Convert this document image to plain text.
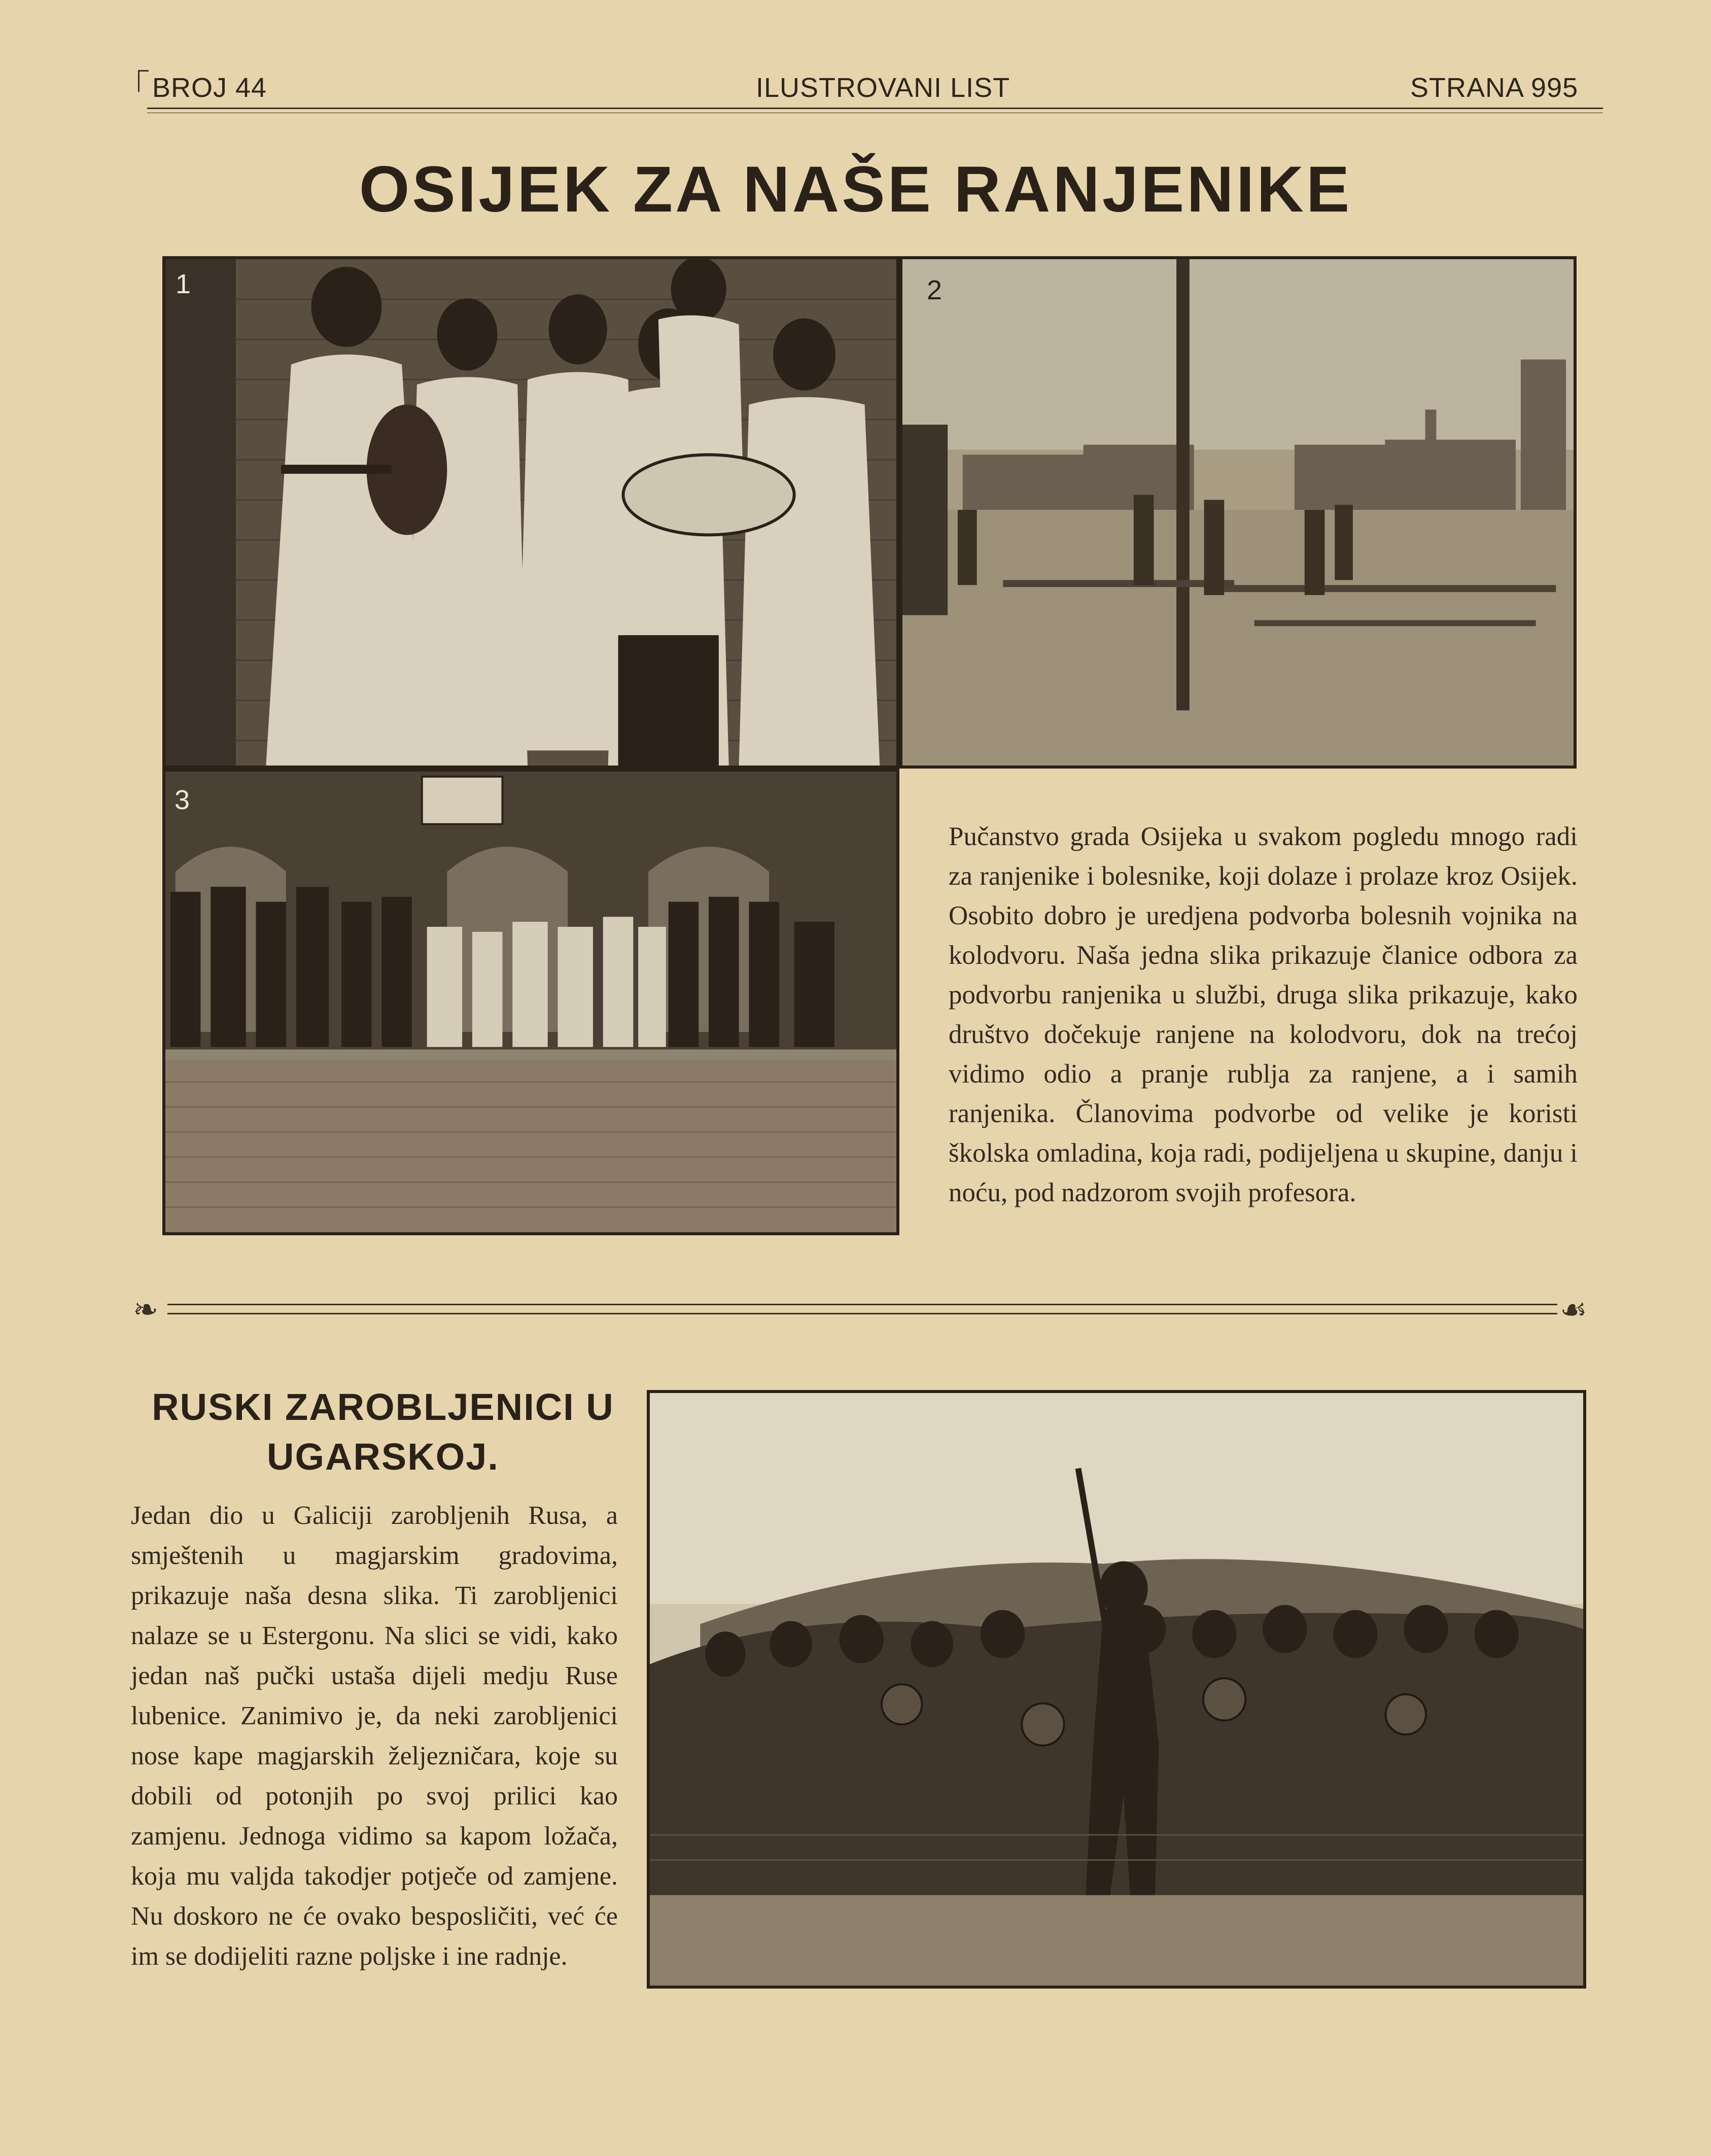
BROJ 44	ILUSTROVANI LIST	STRANA 995
OSIJEK ZA NAŠE RANJENIKE
1	2
3
Pučanstvo grada Osijeka u svakom pogledu mnogo radi za ranjenike i bolesnike, koji dolaze i prolaze kroz Osijek. Osobito dobro je uredjena podvorba bolesnih vojnika na kolodvoru. Naša jedna slika prikazuje članice odbora za podvorbu ranjenika u službi, druga slika prikazuje, kako društvo dočekuje ranjene na kolodvoru, dok na trećoj vidimo odio a pranje rublja za ranjene, a i samih ranjenika. Članovima podvorbe od velike je koristi školska omladina, koja radi, podijeljena u skupine, danju i noću, pod nadzorom svojih profesora.
❧	☙
RUSKI ZAROBLJENICI U UGARSKOJ.
Jedan dio u Galiciji zarobljenih Rusa, a smještenih u magjarskim gradovima, prikazuje naša desna slika. Ti zarobljenici nalaze se u Estergonu. Na slici se vidi, kako jedan naš pučki ustaša dijeli medju Ruse lubenice. Zanimivo je, da neki zarobljenici nose kape magjarskih željezničara, koje su dobili od potonjih po svoj prilici kao zamjenu. Jednoga vidimo sa kapom ložača, koja mu valjda takodjer potječe od zamjene. Nu doskoro ne će ovako besposličiti, već će im se dodijeliti razne poljske i ine radnje.
